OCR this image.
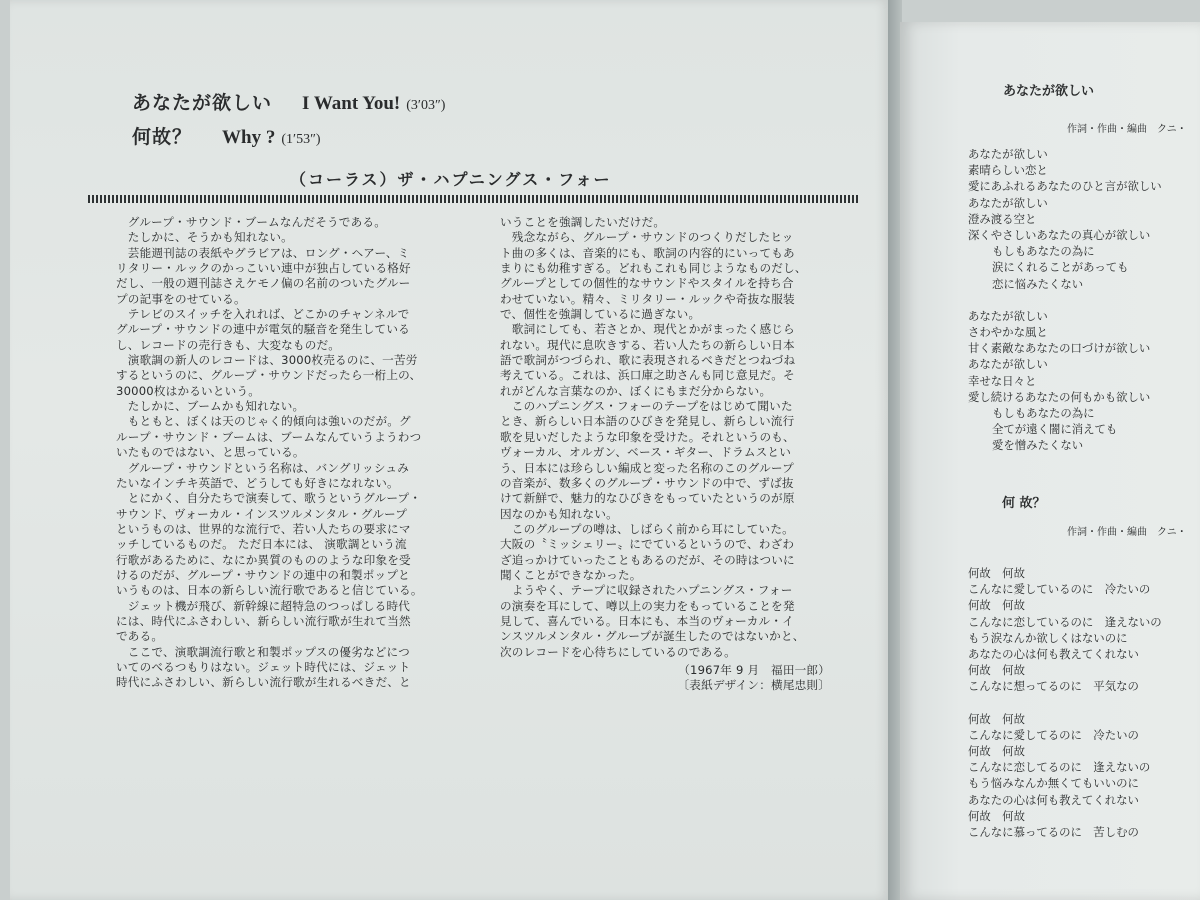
あなたが欲しい I Want You! (3′03″)
何故？ Why ? (1′53″)
（コーラス）ザ・ハプニングス・フォー

　グループ・サウンド・ブームなんだそうである。

　たしかに、そうかも知れない。

　芸能週刊誌の表紙やグラビアは、ロング・ヘアー、ミ

リタリー・ルックのかっこいい連中が独占している格好

だし、一般の週刊誌さえケモノ偏の名前のついたグルー

プの記事をのせている。

　テレビのスイッチを入れれば、どこかのチャンネルで

グループ・サウンドの連中が電気的騒音を発生している

し、レコードの売行きも、大変なものだ。

　演歌調の新人のレコードは、3000枚売るのに、一苦労

するというのに、グループ・サウンドだったら一桁上の、

30000枚はかるいという。

　たしかに、ブームかも知れない。

　もともと、ぼくは天のじゃく的傾向は強いのだが。グ

ループ・サウンド・ブームは、ブームなんていうようわつ

いたものではない、と思っている。

　グループ・サウンドという名称は、バングリッシュみ

たいなインチキ英語で、どうしても好きになれない。

　とにかく、自分たちで演奏して、歌うというグループ・

サウンド、ヴォーカル・インスツルメンタル・グループ

というものは、世界的な流行で、若い人たちの要求にマ

ッチしているものだ。 ただ日本には、 演歌調という流

行歌があるために、なにか異質のもののような印象を受

けるのだが、グループ・サウンドの連中の和製ポップと

いうものは、日本の新らしい流行歌であると信じている。

　ジェット機が飛び、新幹線に超特急のつっぱしる時代

には、時代にふさわしい、新らしい流行歌が生れて当然

である。

　ここで、演歌調流行歌と和製ポップスの優劣などにつ

いてのべるつもりはない。ジェット時代には、ジェット

時代にふさわしい、新らしい流行歌が生れるべきだ、と

いうことを強調したいだけだ。

　残念ながら、グループ・サウンドのつくりだしたヒッ

ト曲の多くは、音楽的にも、歌詞の内容的にいってもあ

まりにも幼稚すぎる。どれもこれも同じようなものだし、

グループとしての個性的なサウンドやスタイルを持ち合

わせていない。精々、ミリタリー・ルックや奇抜な服装

で、個性を強調しているに過ぎない。

　歌詞にしても、若さとか、現代とかがまったく感じら

れない。現代に息吹きする、若い人たちの新らしい日本

語で歌詞がつづられ、歌に表現されるべきだとつねづね

考えている。これは、浜口庫之助さんも同じ意見だ。そ

れがどんな言葉なのか、ぼくにもまだ分からない。

　このハプニングス・フォーのテープをはじめて聞いた

とき、新らしい日本語のひびきを発見し、新らしい流行

歌を見いだしたような印象を受けた。それというのも、

ヴォーカル、オルガン、ベース・ギター、ドラムスとい

う、日本には珍らしい編成と変った名称のこのグループ

の音楽が、数多くのグループ・サウンドの中で、ずば抜

けて新鮮で、魅力的なひびきをもっていたというのが原

因なのかも知れない。

　このグループの噂は、しばらく前から耳にしていた。

大阪の〝ミッシェリー〟にでているというので、わざわ

ざ追っかけていったこともあるのだが、その時はついに

聞くことができなかった。

　ようやく、テープに収録されたハプニングス・フォー

の演奏を耳にして、噂以上の実力をもっていることを発

見して、喜んでいる。日本にも、本当のヴォーカル・イ

ンスツルメンタル・グループが誕生したのではないかと、

次のレコードを心待ちにしているのである。

（1967年 9 月　福田一郎）

〔表紙デザイン：横尾忠則〕

あなたが欲しい
作詞・作曲・編曲　クニ・

あなたが欲しい

素晴らしい恋と

愛にあふれるあなたのひと言が欲しい

あなたが欲しい

澄み渡る空と

深くやさしいあなたの真心が欲しい

もしもあなたの為に

涙にくれることがあっても

恋に悩みたくない

あなたが欲しい

さわやかな風と

甘く素敵なあなたの口づけが欲しい

あなたが欲しい

幸せな日々と

愛し続けるあなたの何もかも欲しい

もしもあなたの為に

全てが遠く闇に消えても

愛を憎みたくない

何 故？
作詞・作曲・編曲　クニ・

何故　何故

こんなに愛しているのに　冷たいの

何故　何故

こんなに恋しているのに　逢えないの

もう涙なんか欲しくはないのに

あなたの心は何も教えてくれない

何故　何故

こんなに想ってるのに　平気なの

何故　何故

こんなに愛してるのに　冷たいの

何故　何故

こんなに恋してるのに　逢えないの

もう悩みなんか無くてもいいのに

あなたの心は何も教えてくれない

何故　何故

こんなに慕ってるのに　苦しむの
